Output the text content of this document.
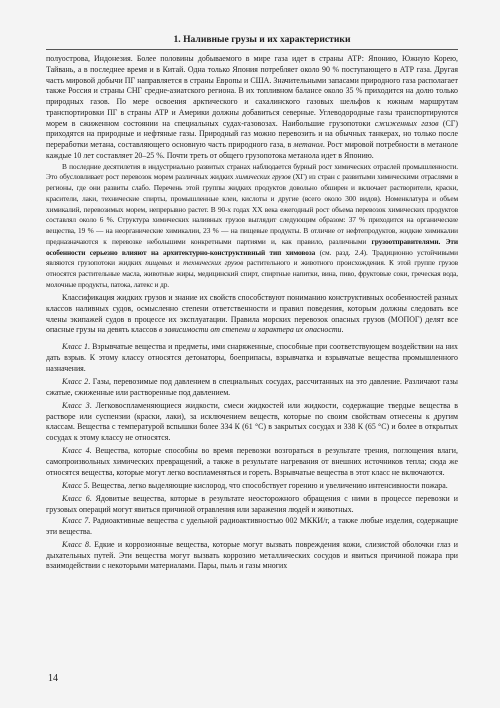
1. Наливные грузы и их характеристики

полуострова, Индонезия. Более половины добываемого в мире газа идет в страны АТР: Японию, Южную Корею, Тайвань, а в последнее время и в Китай. Одна только Япония потребляет около 90 % поступающего в АТР газа. Другая часть мировой добычи ПГ направляется в страны Европы и США. Значительными запасами природного газа располагает также Россия и страны СНГ средне-азиатского региона. В их топливном балансе около 35 % приходится на долю только природных газов. По мере освоения арктического и сахалинского газовых шельфов к южным маршрутам транспортировки ПГ в страны АТР и Америки должны добавиться северные. Углеводородные газы транспортируются морем в сжиженном состоянии на специальных судах-газовозах. Наибольшие грузопотоки сжиженных газов (СГ) приходятся на природные и нефтяные газы. Природный газ можно перевозить и на обычных танкерах, но только после переработки метана, составляющего основную часть природного газа, в метанол. Рост мировой потребности в метаноле каждые 10 лет составляет 20–25 %. Почти треть от общего грузопотока метанола идет в Японию.

В последние десятилетия в индустриально развитых странах наблюдается бурный рост химических отраслей промышленности. Это обусловливает рост перевозок морем различных жидких химических грузов (ХГ) из стран с развитыми химическими отраслями в регионы, где они развиты слабо. Перечень этой группы жидких продуктов довольно обширен и включает растворители, краски, красители, лаки, технические спирты, промышленные клеи, кислоты и другие (всего около 300 видов). Номенклатура и объем химикалий, перевозимых морем, непрерывно растет. В 90-х годах XX века ежегодный рост объема перевозок химических продуктов составлял около 6 %. Структура химических наливных грузов выглядит следующим образом: 37 % приходится на органические вещества, 19 % — на неорганические химикалии, 23 % — на пищевые продукты. В отличие от нефтепродуктов, жидкие химикалии предназначаются к перевозке небольшими конкретными партиями и, как правило, различными грузоотправителями. Эти особенности серьезно влияют на архитектурно-конструктивный тип химовоза (см. разд. 2.4). Традиционно устойчивыми являются грузопотоки жидких пищевых и технических грузов растительного и животного происхождения. К этой группе грузов относятся растительные масла, животные жиры, медицинский спирт, спиртные напитки, вина, пиво, фруктовые соки, греческая вода, молочные продукты, патока, латекс и др.

Классификация жидких грузов и знание их свойств способствуют пониманию конструктивных особенностей разных классов наливных судов, осмысленно степени ответственности и правил поведения, которым должны следовать все члены экипажей судов в процессе их эксплуатации. Правила морских перевозок опасных грузов (МОПОГ) делят все опасные грузы на девять классов в зависимости от степени и характера их опасности.

Класс 1. Взрывчатые вещества и предметы, ими снаряженные, способные при соответствующем воздействии на них дать взрыв. К этому классу относятся детонаторы, боеприпасы, взрывчатка и взрывчатые вещества промышленного назначения.

Класс 2. Газы, перевозимые под давлением в специальных сосудах, рассчитанных на это давление. Различают газы сжатые, сжиженные или растворенные под давлением.

Класс 3. Легковоспламеняющиеся жидкости, смеси жидкостей или жидкости, содержащие твердые вещества в растворе или суспензии (краски, лаки), за исключением веществ, которые по своим свойствам отнесены к другим классам. Вещества с температурой вспышки более 334 К (61 °С) в закрытых сосудах и 338 К (65 °С) и более в открытых сосудах к этому классу не относятся.

Класс 4. Вещества, которые способны во время перевозки возгораться в результате трения, поглощения влаги, самопроизвольных химических превращений, а также в результате нагревания от внешних источников тепла; сюда же относятся вещества, которые могут легко воспламеняться и гореть. Взрывчатые вещества в этот класс не включаются.

Класс 5. Вещества, легко выделяющие кислород, что способствует горению и увеличению интенсивности пожара.

Класс 6. Ядовитые вещества, которые в результате неосторожного обращения с ними в процессе перевозки и грузовых операций могут явиться причиной отравления или заражения людей и животных.

Класс 7. Радиоактивные вещества с удельной радиоактивностью 002 МККИ/г, а также любые изделия, содержащие эти вещества.

Класс 8. Едкие и коррозионные вещества, которые могут вызвать повреждения кожи, слизистой оболочки глаз и дыхательных путей. Эти вещества могут вызвать коррозию металлических сосудов и явиться причиной пожара при взаимодействии с некоторыми материалами. Пары, пыль и газы многих

14
